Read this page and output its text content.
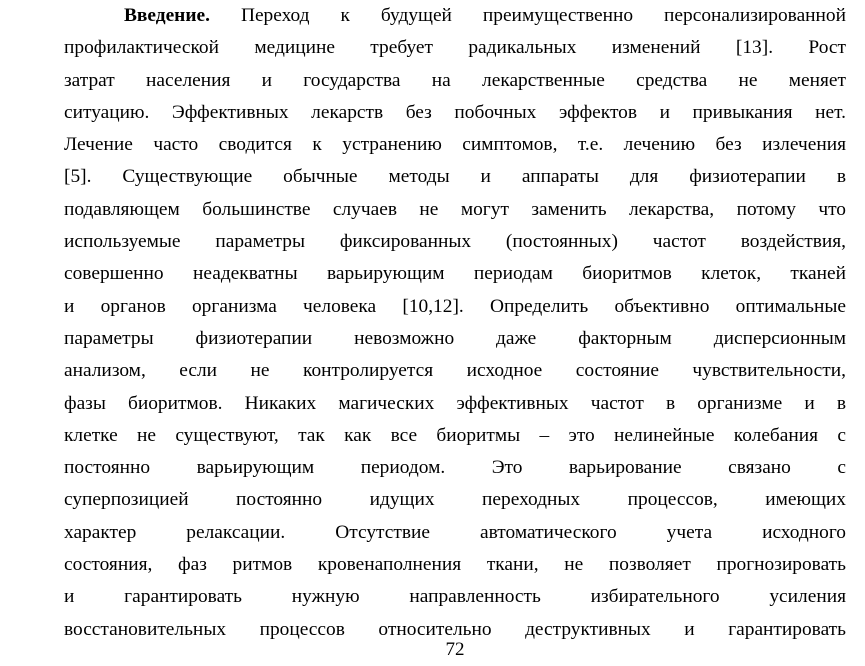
Введение. Переход к будущей преимущественно персонализированной
профилактической медицине требует радикальных изменений [13]. Рост
затрат населения и государства на лекарственные средства не меняет
ситуацию. Эффективных лекарств без побочных эффектов и привыкания нет.
Лечение часто сводится к устранению симптомов, т.е. лечению без излечения
[5]. Существующие обычные методы и аппараты для физиотерапии в
подавляющем большинстве случаев не могут заменить лекарства, потому что
используемые параметры фиксированных (постоянных) частот воздействия,
совершенно неадекватны варьирующим периодам биоритмов клеток, тканей
и органов организма человека [10,12]. Определить объективно оптимальные
параметры физиотерапии невозможно даже факторным дисперсионным
анализом, если не контролируется исходное состояние чувствительности,
фазы биоритмов. Никаких магических эффективных частот в организме и в
клетке не существуют, так как все биоритмы – это нелинейные колебания с
постоянно варьирующим периодом. Это варьирование связано с
суперпозицией постоянно идущих переходных процессов, имеющих
характер релаксации. Отсутствие автоматического учета исходного
состояния, фаз ритмов кровенаполнения ткани, не позволяет прогнозировать
и гарантировать нужную направленность избирательного усиления
восстановительных процессов относительно деструктивных и гарантировать
72
